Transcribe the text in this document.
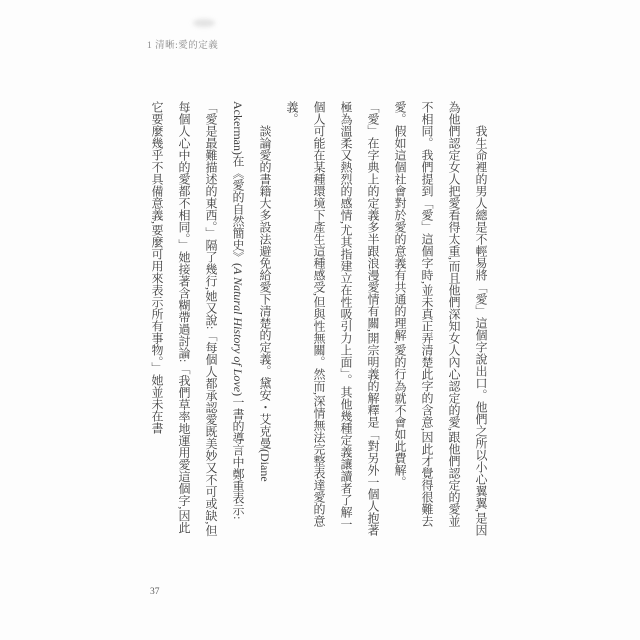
1 清晰:愛的定義

我生命裡的男人總是不輕易將「愛」這個字說出口。他們之所以小心翼翼,是因為他們認定女人把愛看得太重,而且他們深知女人內心認定的愛,跟他們認定的愛並不相同。我們提到「愛」這個字時,並未真正弄清楚此字的含意,因此才覺得很難去愛。假如這個社會對於愛的意義有共通的理解,愛的行為就不會如此費解。

「愛」在字典上的定義多半跟浪漫愛情有關,開宗明義的解釋是「對另外一個人抱著極為溫柔又熱烈的感情,尤其指建立在性吸引力上面」。其他幾種定義讓讀者了解一個人可能在某種環境下產生這種感受,但與性無關。然而,深情無法完整表達愛的意義。

談論愛的書籍大多設法避免給愛下清楚的定義。黛安・艾克曼(Diane Ackerman)在《愛的自然簡史》(A Natural History of Love)一書的導言中鄭重表示:「愛是最難描述的東西。」隔了幾行,她又說:「每個人都承認愛既美妙又不可或缺,但每個人心中的愛都不相同。」她接著含糊帶過討論:「我們草率地運用愛這個字,因此它要麼幾乎不具備意義,要麼可用來表示所有事物。」她並未在書

37
